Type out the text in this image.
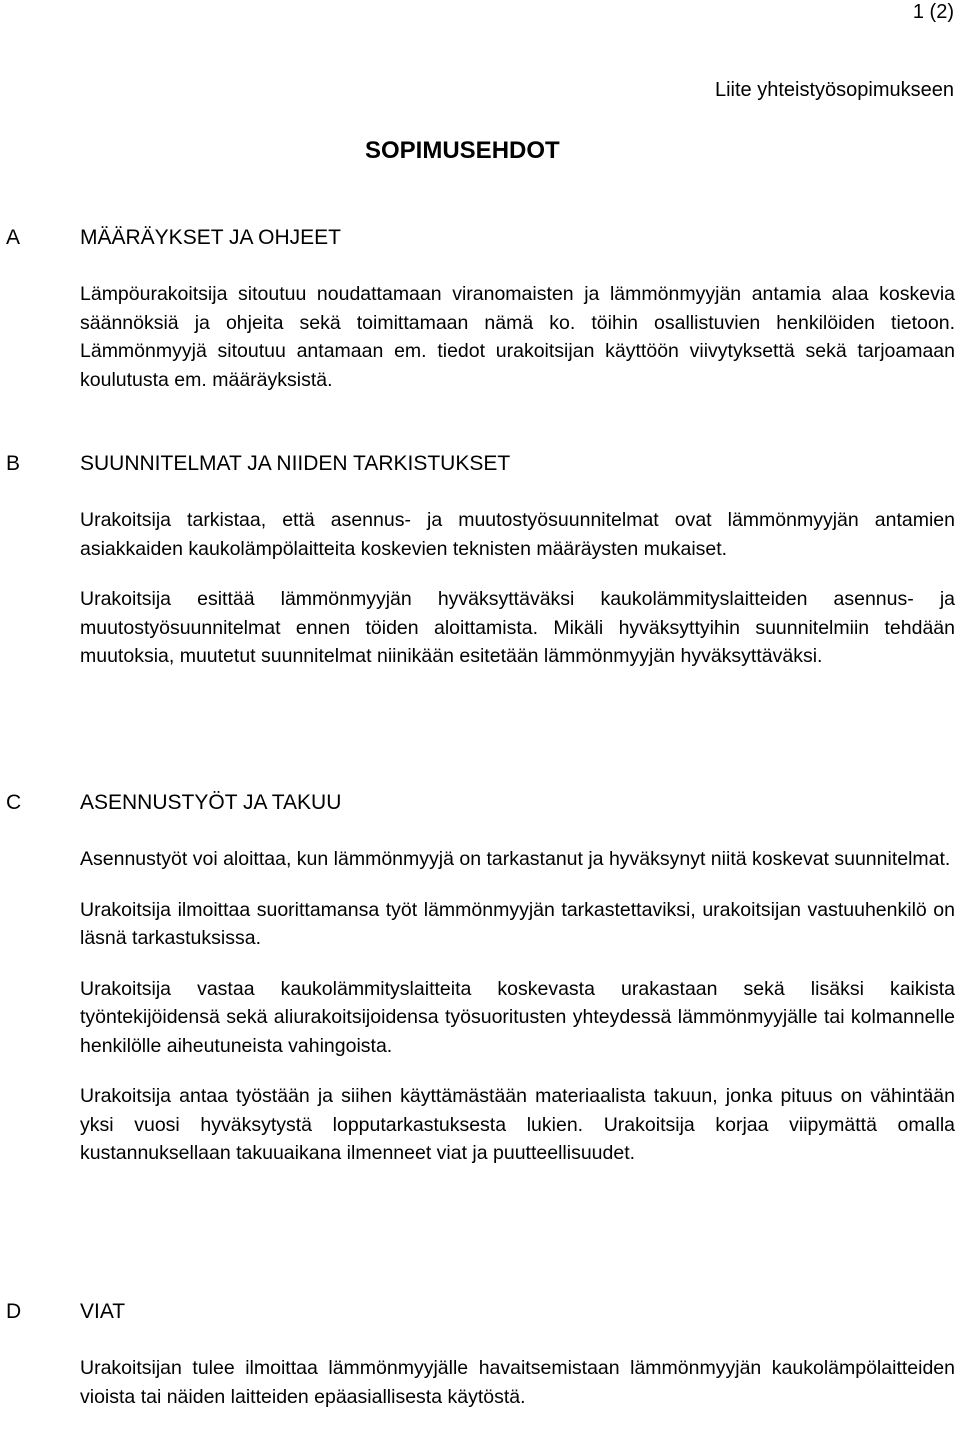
1 (2)
Liite yhteistyösopimukseen
SOPIMUSEHDOT
A	MÄÄRÄYKSET JA OHJEET

Lämpöurakoitsija sitoutuu noudattamaan viranomaisten ja lämmönmyyjän antamia alaa koskevia säännöksiä ja ohjeita sekä toimittamaan nämä ko. töihin osallistuvien henkilöiden tietoon. Lämmönmyyjä sitoutuu antamaan em. tiedot urakoitsijan käyttöön viivytyksettä sekä tarjoamaan koulutusta em. määräyksistä.

B	SUUNNITELMAT JA NIIDEN TARKISTUKSET

Urakoitsija tarkistaa, että asennus- ja muutostyösuunnitelmat ovat lämmönmyyjän antamien asiakkaiden kaukolämpölaitteita koskevien teknisten määräysten mukaiset.

Urakoitsija esittää lämmönmyyjän hyväksyttäväksi kaukolämmityslaitteiden asennus- ja muutostyösuunnitelmat ennen töiden aloittamista. Mikäli hyväksyttyihin suunnitelmiin tehdään muutoksia, muutetut suunnitelmat niinikään esitetään lämmönmyyjän hyväksyttäväksi.

C	ASENNUSTYÖT JA TAKUU

Asennustyöt voi aloittaa, kun lämmönmyyjä on tarkastanut ja hyväksynyt niitä koskevat suunnitelmat.

Urakoitsija ilmoittaa suorittamansa työt lämmönmyyjän tarkastettaviksi, urakoitsijan vastuuhenkilö on läsnä tarkastuksissa.

Urakoitsija vastaa kaukolämmityslaitteita koskevasta urakastaan sekä lisäksi kaikista työntekijöidensä sekä aliurakoitsijoidensa työsuoritusten yhteydessä lämmönmyyjälle tai kolmannelle henkilölle aiheutuneista vahingoista.

Urakoitsija antaa työstään ja siihen käyttämästään materiaalista takuun, jonka pituus on vähintään yksi vuosi hyväksytystä lopputarkastuksesta lukien. Urakoitsija korjaa viipymättä omalla kustannuksellaan takuuaikana ilmenneet viat ja puutteellisuudet.

D	VIAT

Urakoitsijan tulee ilmoittaa lämmönmyyjälle havaitsemistaan lämmönmyyjän kaukolämpölaitteiden vioista tai näiden laitteiden epäasiallisesta käytöstä.
